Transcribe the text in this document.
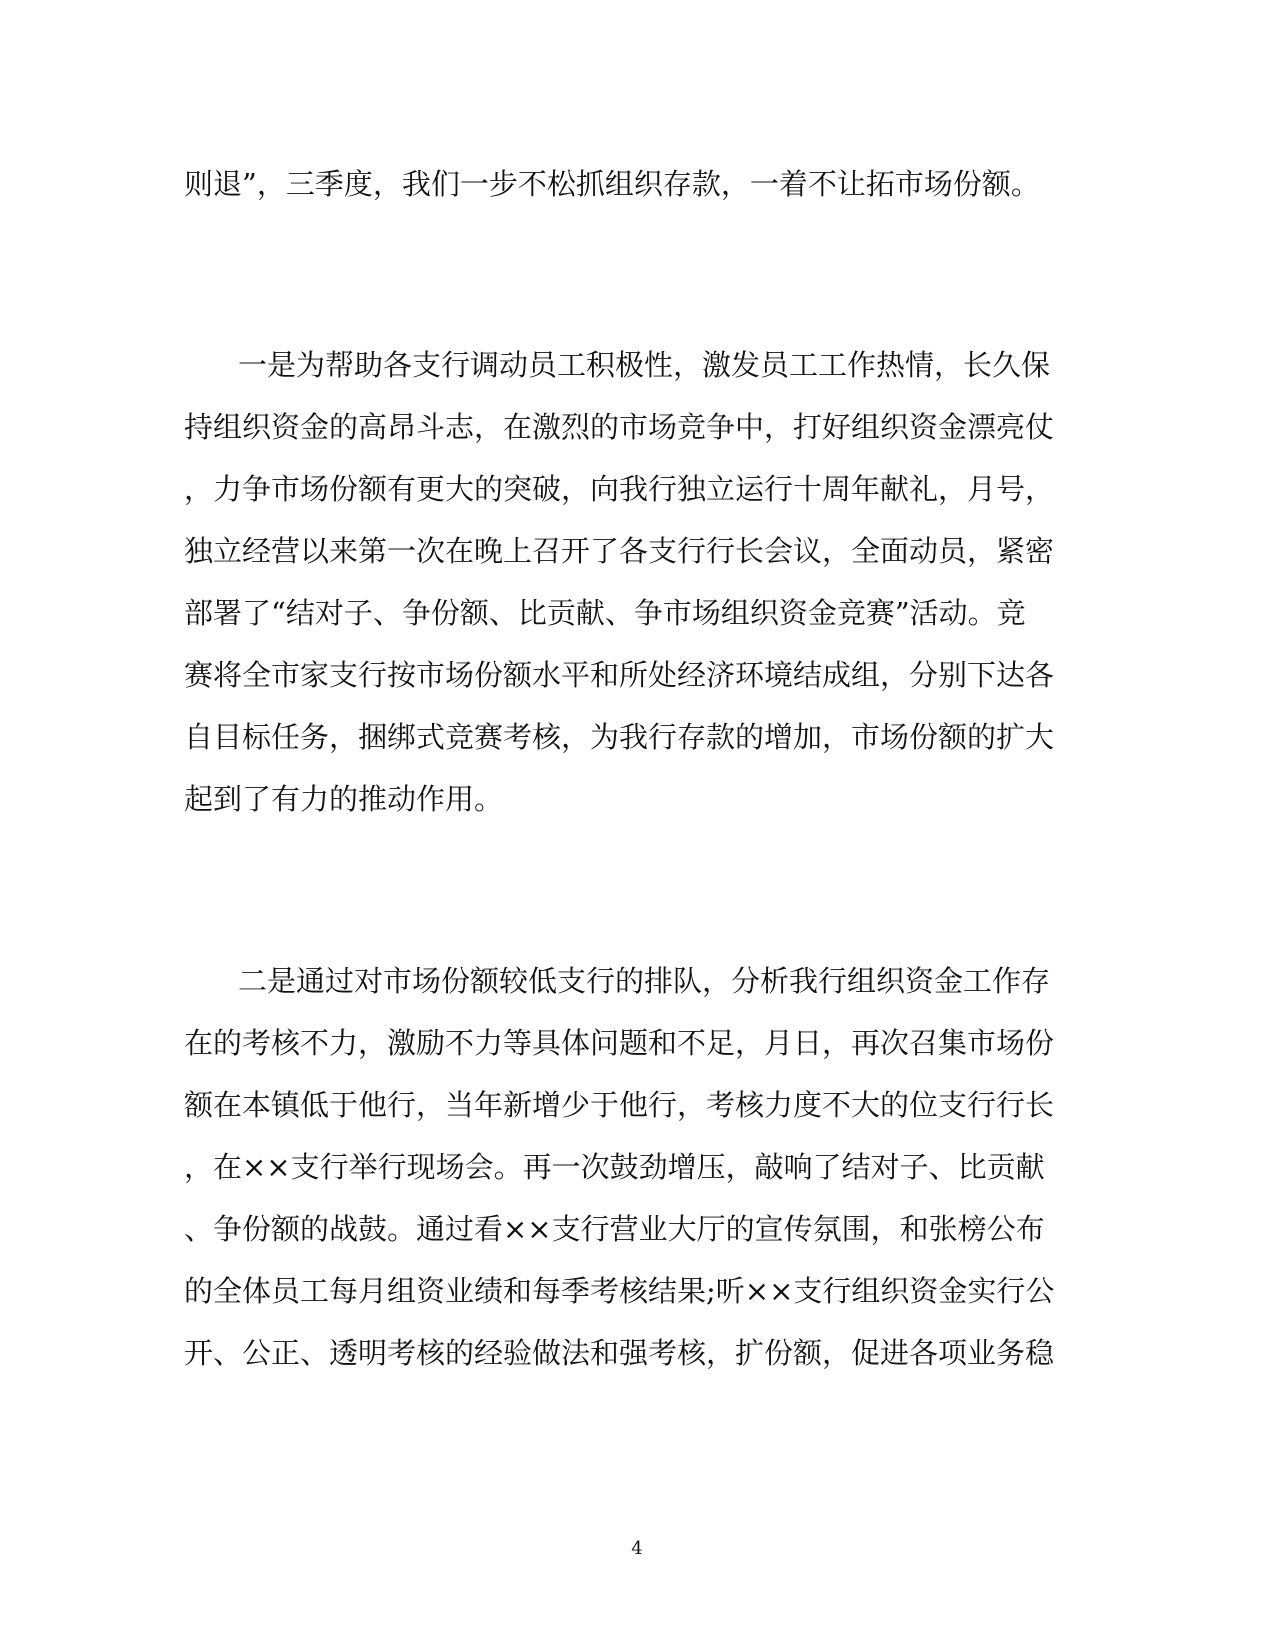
则退”，三季度，我们一步不松抓组织存款，一着不让拓市场份额。

一是为帮助各支行调动员工积极性，激发员工工作热情，长久保

持组织资金的高昂斗志，在激烈的市场竞争中，打好组织资金漂亮仗

，力争市场份额有更大的突破，向我行独立运行十周年献礼，月号，

独立经营以来第一次在晚上召开了各支行行长会议，全面动员，紧密

部署了“结对子、争份额、比贡献、争市场组织资金竞赛”活动。竞

赛将全市家支行按市场份额水平和所处经济环境结成组，分别下达各

自目标任务，捆绑式竞赛考核，为我行存款的增加，市场份额的扩大

起到了有力的推动作用。

二是通过对市场份额较低支行的排队，分析我行组织资金工作存

在的考核不力，激励不力等具体问题和不足，月日，再次召集市场份

额在本镇低于他行，当年新增少于他行，考核力度不大的位支行行长

，在××支行举行现场会。再一次鼓劲增压，敲响了结对子、比贡献

、争份额的战鼓。通过看××支行营业大厅的宣传氛围，和张榜公布

的全体员工每月组资业绩和每季考核结果;听××支行组织资金实行公

开、公正、透明考核的经验做法和强考核，扩份额，促进各项业务稳

4
